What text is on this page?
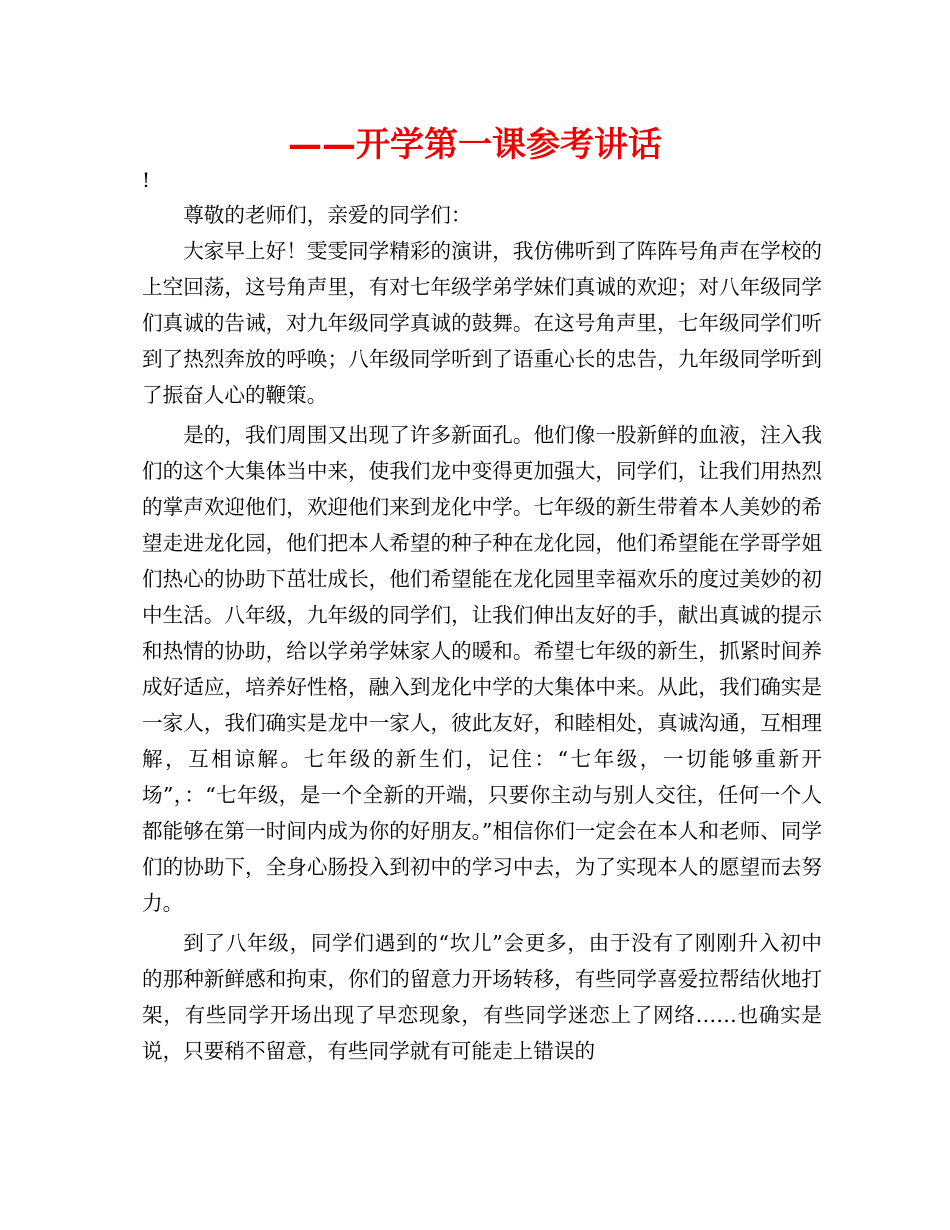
——开学第一课参考讲话
!

尊敬的老师们，亲爱的同学们：

大家早上好！雯雯同学精彩的演讲，我仿佛听到了阵阵号角声在学校的上空回荡，这号角声里，有对七年级学弟学妹们真诚的欢迎；对八年级同学们真诚的告诫，对九年级同学真诚的鼓舞。在这号角声里，七年级同学们听到了热烈奔放的呼唤；八年级同学听到了语重心长的忠告，九年级同学听到了振奋人心的鞭策。

是的，我们周围又出现了许多新面孔。他们像一股新鲜的血液，注入我们的这个大集体当中来，使我们龙中变得更加强大，同学们，让我们用热烈的掌声欢迎他们，欢迎他们来到龙化中学。七年级的新生带着本人美妙的希望走进龙化园，他们把本人希望的种子种在龙化园，他们希望能在学哥学姐们热心的协助下茁壮成长，他们希望能在龙化园里幸福欢乐的度过美妙的初中生活。八年级，九年级的同学们，让我们伸出友好的手，献出真诚的提示和热情的协助，给以学弟学妹家人的暖和。希望七年级的新生，抓紧时间养成好适应，培养好性格，融入到龙化中学的大集体中来。从此，我们确实是一家人，我们确实是龙中一家人，彼此友好，和睦相处，真诚沟通，互相理解，互相谅解。七年级的新生们，记住：“七年级，一切能够重新开场”，：“七年级，是一个全新的开端，只要你主动与别人交往，任何一个人都能够在第一时间内成为你的好朋友。”相信你们一定会在本人和老师、同学们的协助下，全身心肠投入到初中的学习中去，为了实现本人的愿望而去努力。

到了八年级，同学们遇到的“坎儿”会更多，由于没有了刚刚升入初中的那种新鲜感和拘束，你们的留意力开场转移，有些同学喜爱拉帮结伙地打架，有些同学开场出现了早恋现象，有些同学迷恋上了网络……也确实是说，只要稍不留意，有些同学就有可能走上错误的
